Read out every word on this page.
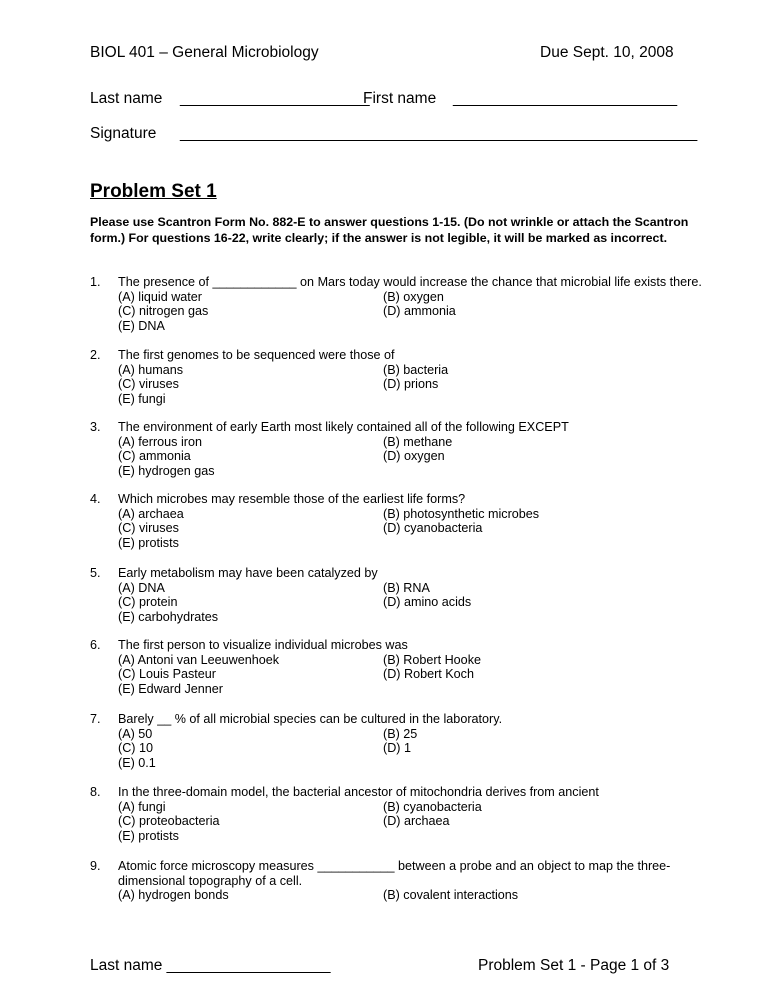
BIOL 401 – General Microbiology	Due Sept. 10, 2008
Last name ______________________
First name __________________________
Signature ____________________________________________________________
Problem Set 1
Please use Scantron Form No. 882-E to answer questions 1-15. (Do not wrinkle or attach the Scantron form.) For questions 16-22, write clearly; if the answer is not legible, it will be marked as incorrect.
1. The presence of ____________ on Mars today would increase the chance that microbial life exists there.
(A) liquid water	(B) oxygen
(C) nitrogen gas	(D) ammonia
(E) DNA
2. The first genomes to be sequenced were those of
(A) humans	(B) bacteria
(C) viruses	(D) prions
(E) fungi
3. The environment of early Earth most likely contained all of the following EXCEPT
(A) ferrous iron	(B) methane
(C) ammonia	(D) oxygen
(E) hydrogen gas
4. Which microbes may resemble those of the earliest life forms?
(A) archaea	(B) photosynthetic microbes
(C) viruses	(D) cyanobacteria
(E) protists
5. Early metabolism may have been catalyzed by
(A) DNA	(B) RNA
(C) protein	(D) amino acids
(E) carbohydrates
6. The first person to visualize individual microbes was
(A) Antoni van Leeuwenhoek	(B) Robert Hooke
(C) Louis Pasteur	(D) Robert Koch
(E) Edward Jenner
7. Barely __ % of all microbial species can be cultured in the laboratory.
(A) 50	(B) 25
(C) 10	(D) 1
(E) 0.1
8. In the three-domain model, the bacterial ancestor of mitochondria derives from ancient
(A) fungi	(B) cyanobacteria
(C) proteobacteria	(D) archaea
(E) protists
9. Atomic force microscopy measures ___________ between a probe and an object to map the three-
dimensional topography of a cell.
(A) hydrogen bonds	(B) covalent interactions
Last name ___________________	Problem Set 1 - Page 1 of 3
